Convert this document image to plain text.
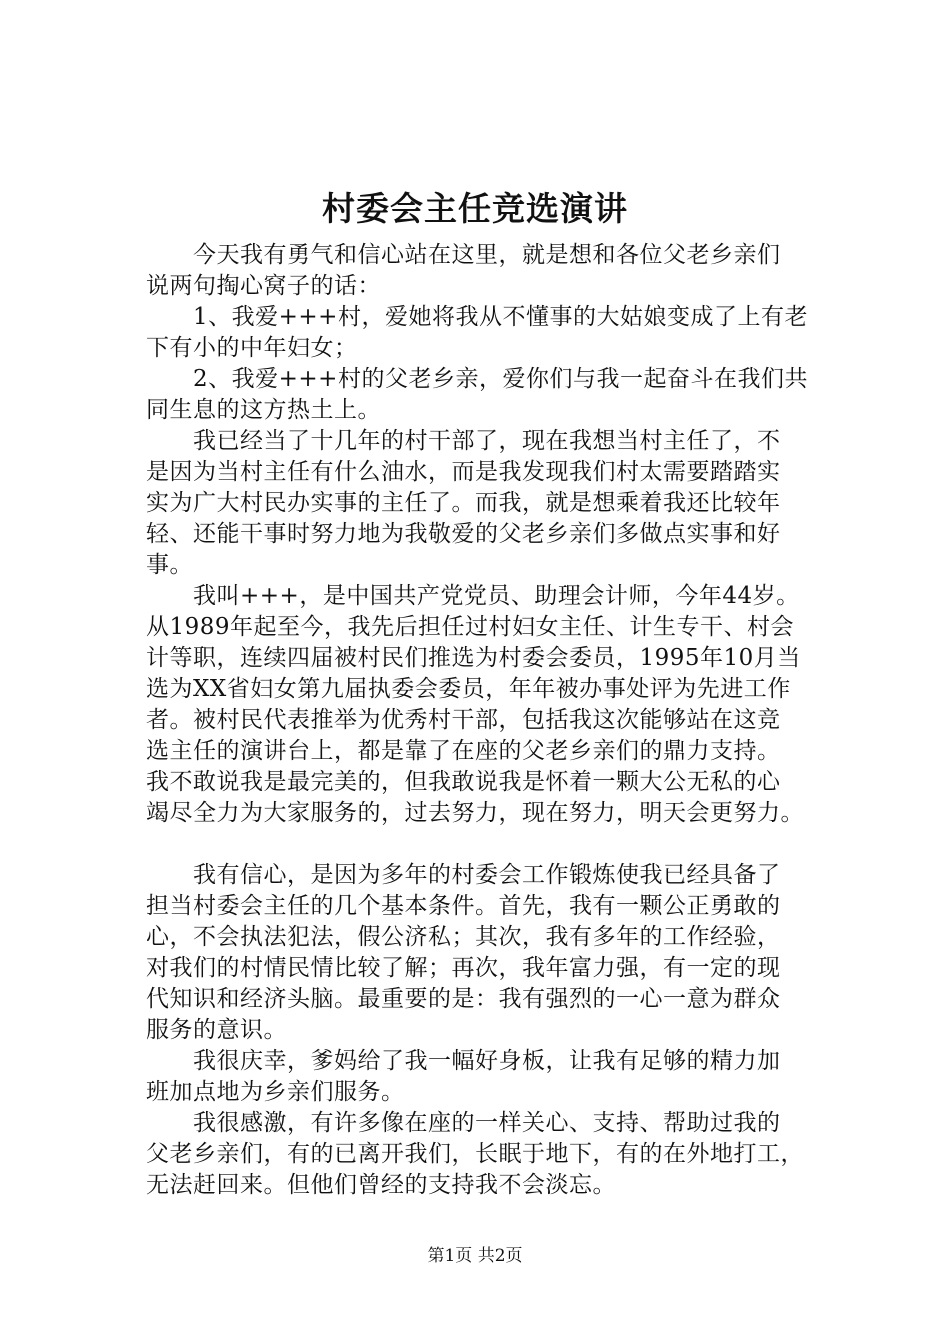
村委会主任竞选演讲
　　今天我有勇气和信心站在这里，就是想和各位父老乡亲们
说两句掏心窝子的话：
　　1、我爱+++村，爱她将我从不懂事的大姑娘变成了上有老
下有小的中年妇女；
　　2、我爱+++村的父老乡亲，爱你们与我一起奋斗在我们共
同生息的这方热土上。
　　我已经当了十几年的村干部了，现在我想当村主任了，不
是因为当村主任有什么油水，而是我发现我们村太需要踏踏实
实为广大村民办实事的主任了。而我，就是想乘着我还比较年
轻、还能干事时努力地为我敬爱的父老乡亲们多做点实事和好
事。
　　我叫+++，是中国共产党党员、助理会计师，今年44岁。
从1989年起至今，我先后担任过村妇女主任、计生专干、村会
计等职，连续四届被村民们推选为村委会委员，1995年10月当
选为XX省妇女第九届执委会委员，年年被办事处评为先进工作
者。被村民代表推举为优秀村干部，包括我这次能够站在这竞
选主任的演讲台上，都是靠了在座的父老乡亲们的鼎力支持。
我不敢说我是最完美的，但我敢说我是怀着一颗大公无私的心
竭尽全力为大家服务的，过去努力，现在努力，明天会更努力。
　　我有信心，是因为多年的村委会工作锻炼使我已经具备了
担当村委会主任的几个基本条件。首先，我有一颗公正勇敢的
心，不会执法犯法，假公济私；其次，我有多年的工作经验，
对我们的村情民情比较了解；再次，我年富力强，有一定的现
代知识和经济头脑。最重要的是：我有强烈的一心一意为群众
服务的意识。
　　我很庆幸，爹妈给了我一幅好身板，让我有足够的精力加
班加点地为乡亲们服务。
　　我很感激，有许多像在座的一样关心、支持、帮助过我的
父老乡亲们，有的已离开我们，长眠于地下，有的在外地打工，
无法赶回来。但他们曾经的支持我不会淡忘。
第1页 共2页
